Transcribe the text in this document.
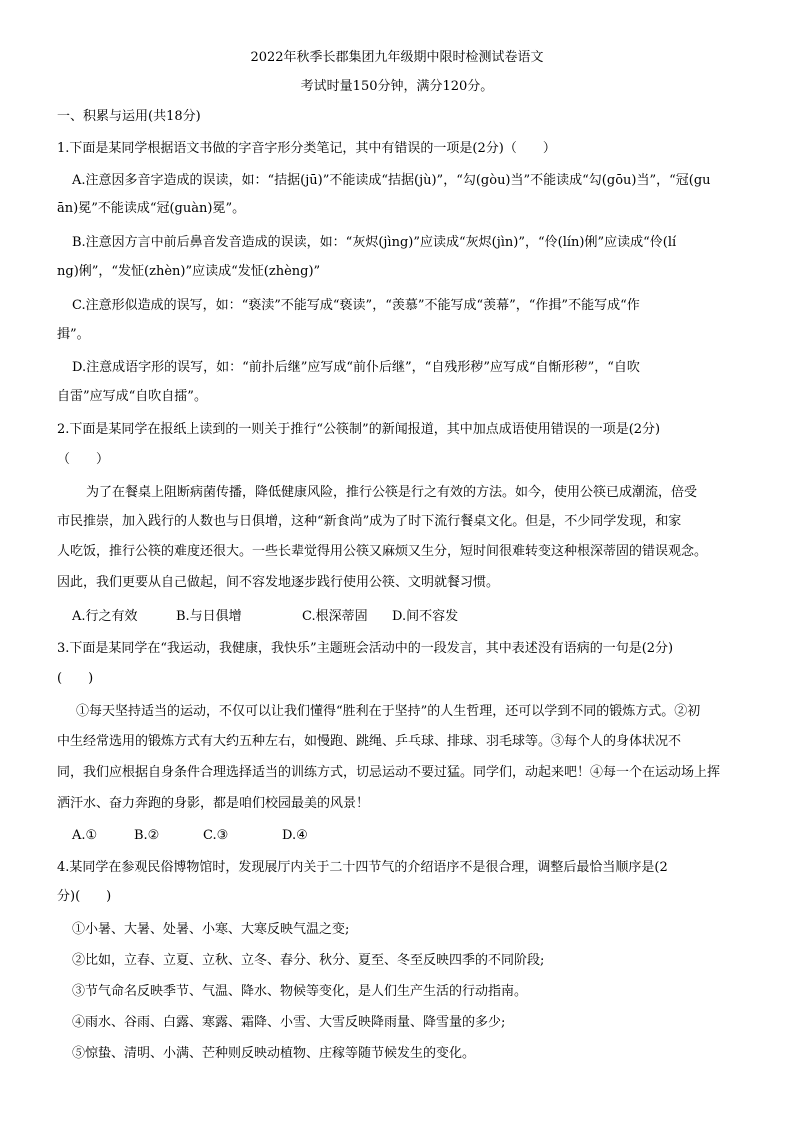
2022年秋季长郡集团九年级期中限时检测试卷语文
考试时量150分钟，满分120分。
一、积累与运用(共18分)
1.下面是某同学根据语文书做的字音字形分类笔记，其中有错误的一项是(2分)（　　）
A.注意因多音字造成的误读，如：“拮据(jū)”不能读成“拮据(jù)”，“勾(gòu)当”不能读成“勾(gōu)当”，“冠(gu
ān)冕”不能读成“冠(guàn)冕”。
B.注意因方言中前后鼻音发音造成的误读，如：“灰烬(jìng)”应读成“灰烬(jìn)”，“伶(lín)俐”应读成“伶(lí
ng)俐”，“发怔(zhèn)”应读成“发怔(zhèng)”
C.注意形似造成的误写，如：“亵渎”不能写成“亵读”，“羡慕”不能写成“羡幕”，“作揖”不能写成“作
揖”。
D.注意成语字形的误写，如：“前扑后继”应写成“前仆后继”，“自残形秽”应写成“自惭形秽”，“自吹
自雷”应写成“自吹自擂”。
2.下面是某同学在报纸上读到的一则关于推行“公筷制”的新闻报道，其中加点成语使用错误的一项是(2分)
（　　）
为了在餐桌上阻断病菌传播，降低健康风险，推行公筷是行之有效的方法。如今，使用公筷已成潮流，倍受
市民推崇，加入践行的人数也与日俱增，这种“新食尚”成为了时下流行餐桌文化。但是，不少同学发现，和家
人吃饭，推行公筷的难度还很大。一些长辈觉得用公筷又麻烦又生分，短时间很难转变这种根深蒂固的错误观念。
因此，我们更要从自己做起，间不容发地逐步践行使用公筷、文明就餐习惯。
A.行之有效	B.与日俱增	C.根深蒂固 D.间不容发
3.下面是某同学在“我运动，我健康，我快乐”主题班会活动中的一段发言，其中表述没有语病的一句是(2分)
(　　)
①每天坚持适当的运动，不仅可以让我们懂得“胜利在于坚持”的人生哲理，还可以学到不同的锻炼方式。②初
中生经常选用的锻炼方式有大约五种左右，如慢跑、跳绳、乒乓球、排球、羽毛球等。③每个人的身体状况不
同，我们应根据自身条件合理选择适当的训练方式，切忌运动不要过猛。同学们，动起来吧！④每一个在运动场上挥
洒汗水、奋力奔跑的身影，都是咱们校园最美的风景！
A.①	B.②	C.③	D.④
4.某同学在参观民俗博物馆时，发现展厅内关于二十四节气的介绍语序不是很合理，调整后最恰当顺序是(2
分)(　　)
①小暑、大暑、处暑、小寒、大寒反映气温之变;
②比如，立春、立夏、立秋、立冬、春分、秋分、夏至、冬至反映四季的不同阶段;
③节气命名反映季节、气温、降水、物候等变化，是人们生产生活的行动指南。
④雨水、谷雨、白露、寒露、霜降、小雪、大雪反映降雨量、降雪量的多少;
⑤惊蛰、清明、小满、芒种则反映动植物、庄稼等随节候发生的变化。
